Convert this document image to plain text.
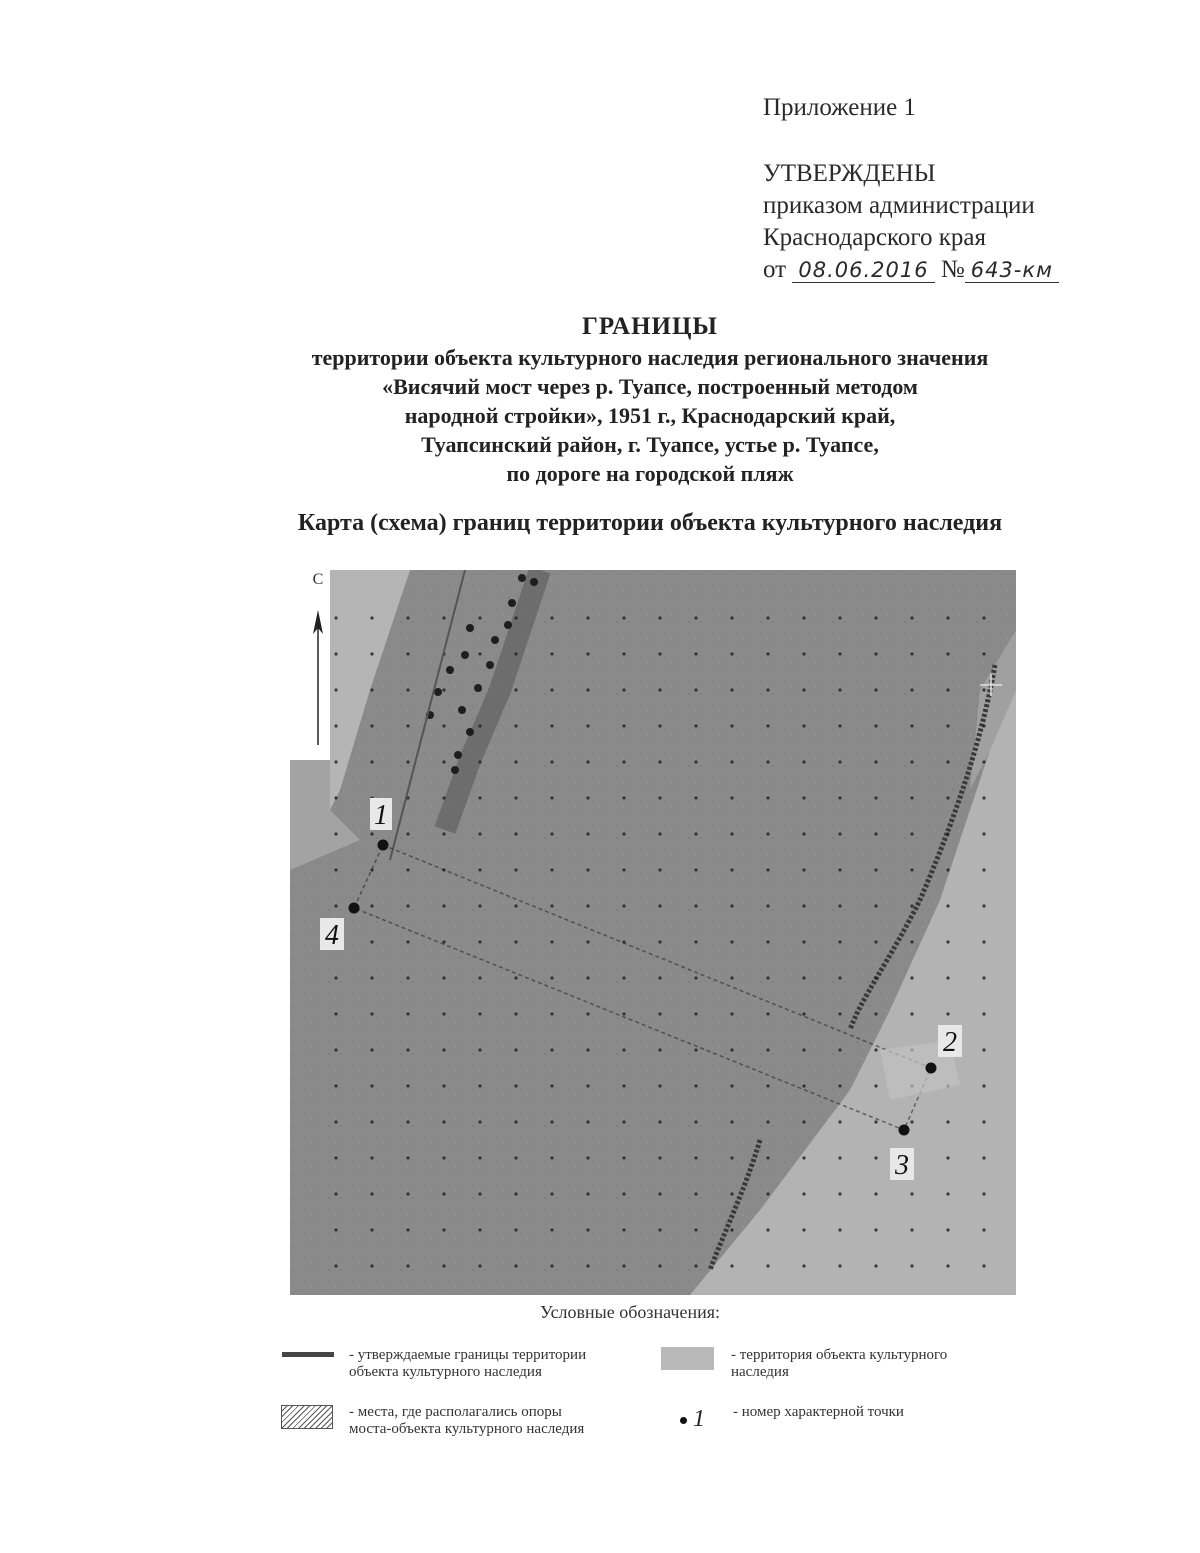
Приложение 1
УТВЕРЖДЕНЫ
приказом администрации
Краснодарского края
от 08.06.2016 № 643-км
ГРАНИЦЫ
территории объекта культурного наследия регионального значения
«Висячий мост через р. Туапсе, построенный методом
народной стройки», 1951 г., Краснодарский край,
Туапсинский район, г. Туапсе, устье р. Туапсе,
по дороге на городской пляж
Карта (схема) границ территории объекта культурного наследия
1
2
3
4
С
Условные обозначения:
- утверждаемые границы территории
объекта культурного наследия
- территория объекта культурного
наследия
- места, где располагались опоры
моста-объекта культурного наследия	1 - номер характерной точки
